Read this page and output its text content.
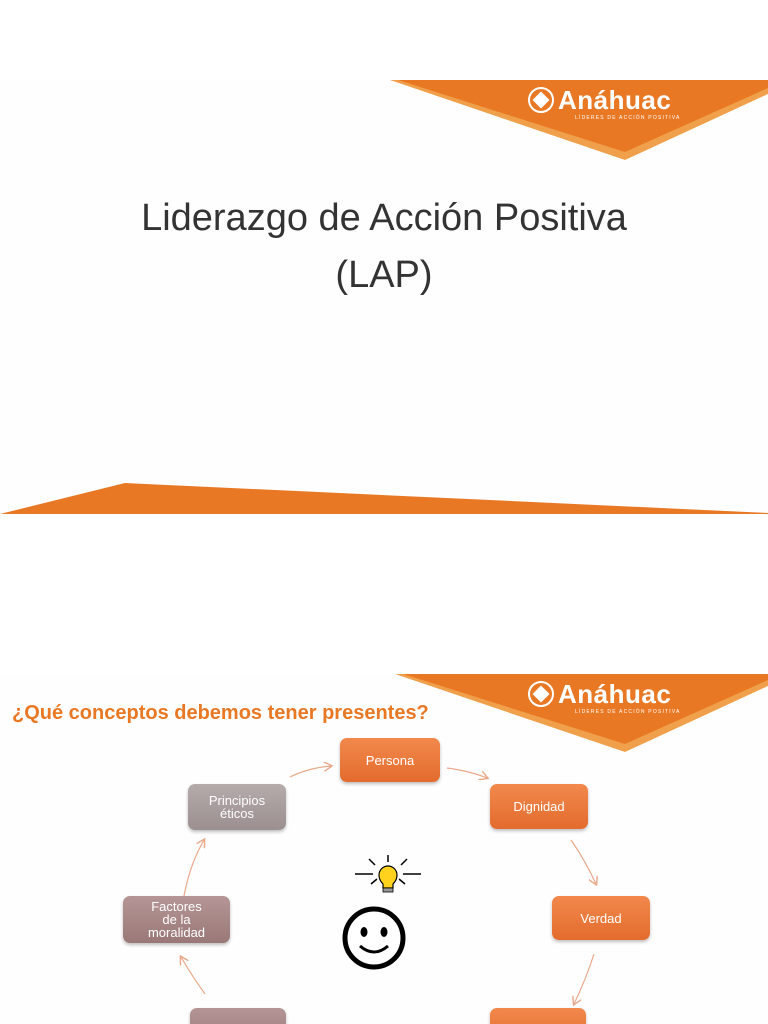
Anáhuac
LÍDERES DE ACCIÓN POSITIVA
Liderazgo de Acción Positiva
(LAP)
Anáhuac
LÍDERES DE ACCIÓN POSITIVA
¿Qué conceptos debemos tener presentes?
Persona
Dignidad
Verdad
Principios
éticos
Factores
de la
moralidad
